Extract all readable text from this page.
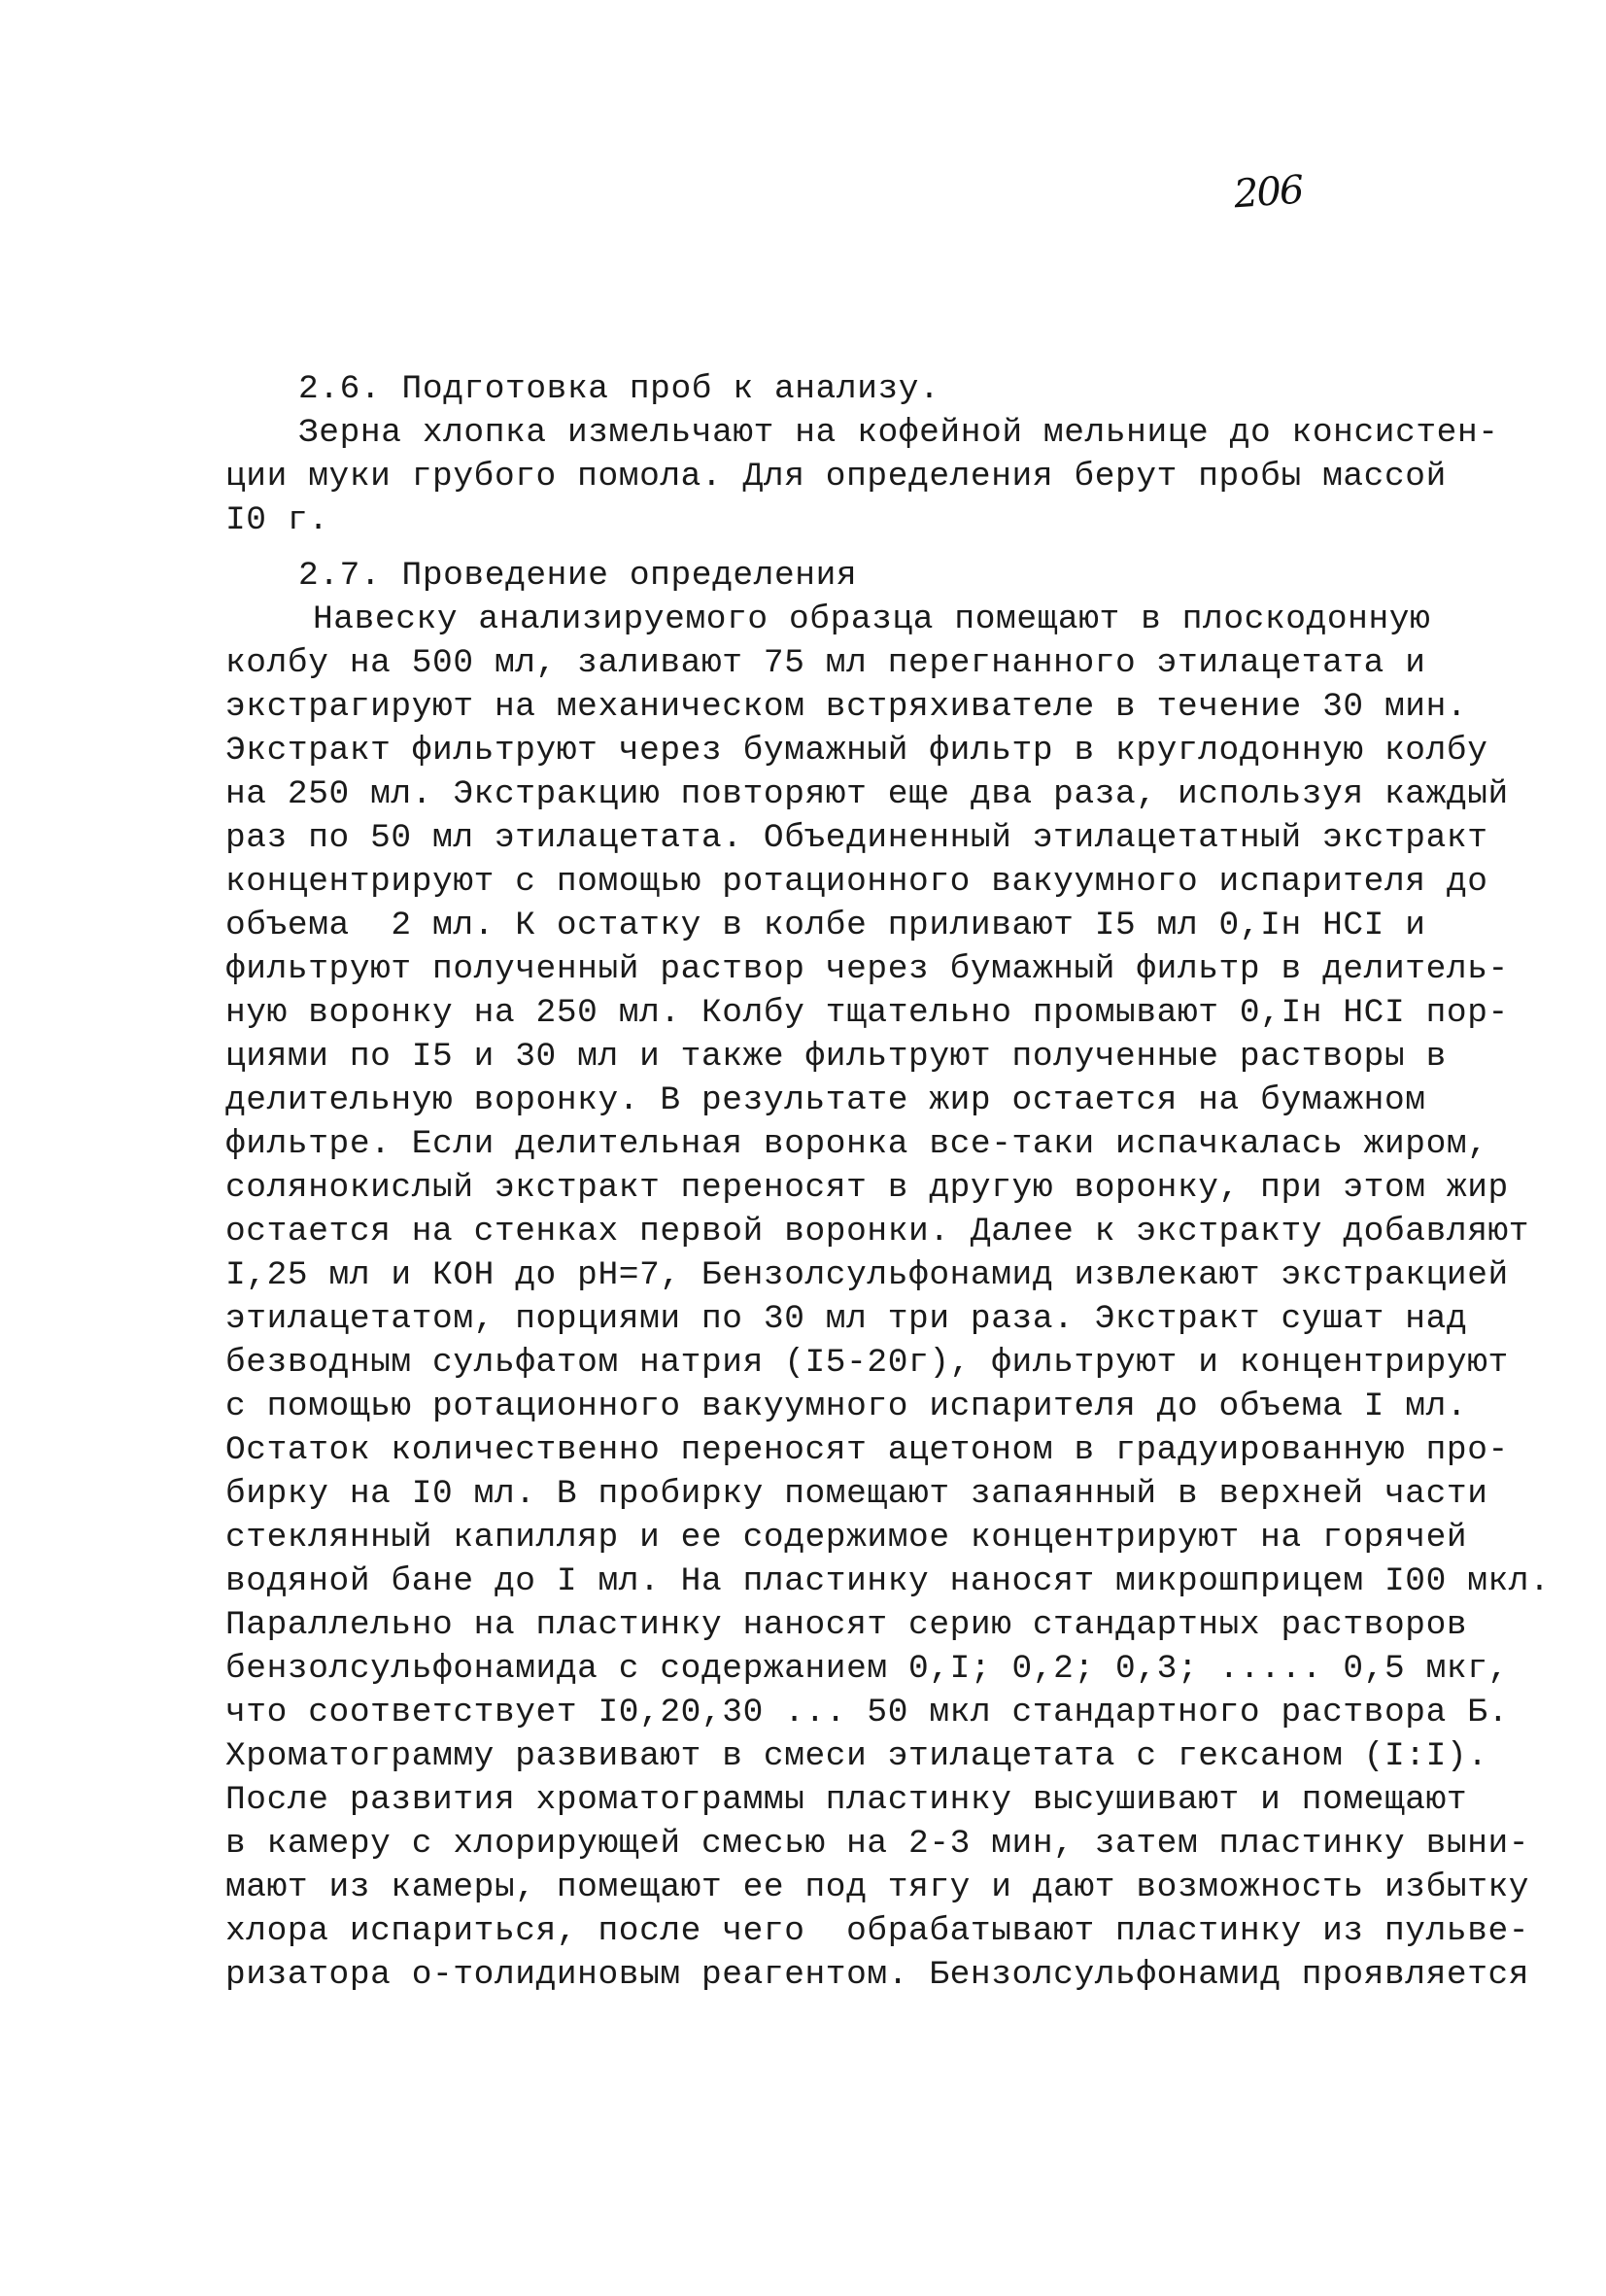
206
2.6. Подготовка проб к анализу.
Зерна хлопка измельчают на кофейной мельнице до консистен-
ции муки грубого помола. Для определения берут пробы массой
I0 г.
2.7. Проведение определения
Навеску анализируемого образца помещают в плоскодонную
колбу на 500 мл, заливают 75 мл перегнанного этилацетата и
экстрагируют на механическом встряхивателе в течение 30 мин.
Экстракт фильтруют через бумажный фильтр в круглодонную колбу
на 250 мл. Экстракцию повторяют еще два раза, используя каждый
раз по 50 мл этилацетата. Объединенный этилацетатный экстракт
концентрируют с помощью ротационного вакуумного испарителя до
объема  2 мл. К остатку в колбе приливают I5 мл 0,Iн HCI и
фильтруют полученный раствор через бумажный фильтр в делитель-
ную воронку на 250 мл. Колбу тщательно промывают 0,Iн HCI пор-
циями по I5 и 30 мл и также фильтруют полученные растворы в
делительную воронку. В результате жир остается на бумажном
фильтре. Если делительная воронка все-таки испачкалась жиром,
солянокислый экстракт переносят в другую воронку, при этом жир
остается на стенках первой воронки. Далее к экстракту добавляют
I,25 мл и КОН до рН=7, Бензолсульфонамид извлекают экстракцией
этилацетатом, порциями по 30 мл три раза. Экстракт сушат над
безводным сульфатом натрия (I5-20г), фильтруют и концентрируют
с помощью ротационного вакуумного испарителя до объема I мл.
Остаток количественно переносят ацетоном в градуированную про-
бирку на I0 мл. В пробирку помещают запаянный в верхней части
стеклянный капилляр и ее содержимое концентрируют на горячей
водяной бане до I мл. На пластинку наносят микрошприцем I00 мкл.
Параллельно на пластинку наносят серию стандартных растворов
бензолсульфонамида с содержанием 0,I; 0,2; 0,3; ..... 0,5 мкг,
что соответствует I0,20,30 ... 50 мкл стандартного раствора Б.
Хроматограмму развивают в смеси этилацетата с гексаном (I:I).
После развития хроматограммы пластинку высушивают и помещают
в камеру с хлорирующей смесью на 2-3 мин, затем пластинку выни-
мают из камеры, помещают ее под тягу и дают возможность избытку
хлора испариться, после чего  обрабатывают пластинку из пульве-
ризатора о-толидиновым реагентом. Бензолсульфонамид проявляется
